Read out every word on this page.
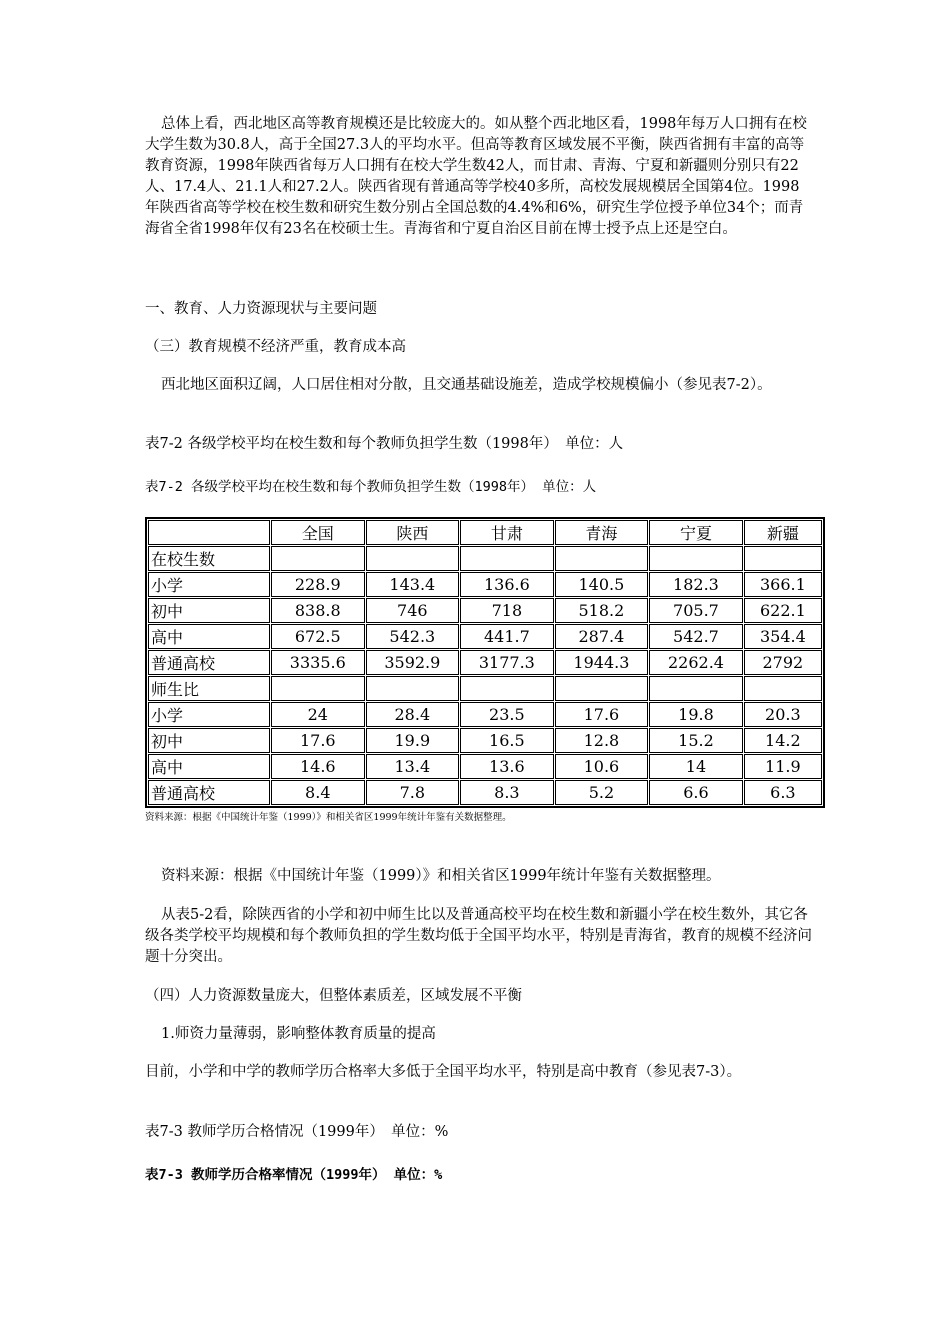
总体上看，西北地区高等教育规模还是比较庞大的。如从整个西北地区看，1998年每万人口拥有在校大学生数为30.8人，高于全国27.3人的平均水平。但高等教育区域发展不平衡，陕西省拥有丰富的高等教育资源，1998年陕西省每万人口拥有在校大学生数42人，而甘肃、青海、宁夏和新疆则分别只有22人、17.4人、21.1人和27.2人。陕西省现有普通高等学校40多所，高校发展规模居全国第4位。1998年陕西省高等学校在校生数和研究生数分别占全国总数的4.4%和6%，研究生学位授予单位34个；而青海省全省1998年仅有23名在校硕士生。青海省和宁夏自治区目前在博士授予点上还是空白。

一、教育、人力资源现状与主要问题

（三）教育规模不经济严重，教育成本高

西北地区面积辽阔，人口居住相对分散，且交通基础设施差，造成学校规模偏小（参见表7-2）。

表7-2 各级学校平均在校生数和每个教师负担学生数（1998年）　单位：人

表7-2 各级学校平均在校生数和每个教师负担学生数（1998年） 单位：人

	全国	陕西	甘肃	青海	宁夏	新疆
在校生数						
小学	228.9	143.4	136.6	140.5	182.3	366.1
初中	838.8	746	718	518.2	705.7	622.1
高中	672.5	542.3	441.7	287.4	542.7	354.4
普通高校	3335.6	3592.9	3177.3	1944.3	2262.4	2792
师生比						
小学	24	28.4	23.5	17.6	19.8	20.3
初中	17.6	19.9	16.5	12.8	15.2	14.2
高中	14.6	13.4	13.6	10.6	14	11.9
普通高校	8.4	7.8	8.3	5.2	6.6	6.3

资料来源：根据《中国统计年鉴（1999）》和相关省区1999年统计年鉴有关数据整理。

资料来源：根据《中国统计年鉴（1999）》和相关省区1999年统计年鉴有关数据整理。

从表5-2看，除陕西省的小学和初中师生比以及普通高校平均在校生数和新疆小学在校生数外，其它各级各类学校平均规模和每个教师负担的学生数均低于全国平均水平，特别是青海省，教育的规模不经济问题十分突出。

（四）人力资源数量庞大，但整体素质差，区域发展不平衡

1.师资力量薄弱，影响整体教育质量的提高

目前，小学和中学的教师学历合格率大多低于全国平均水平，特别是高中教育（参见表7-3）。

表7-3 教师学历合格情况（1999年）　单位：%

表7-3 教师学历合格率情况（1999年） 单位：%
